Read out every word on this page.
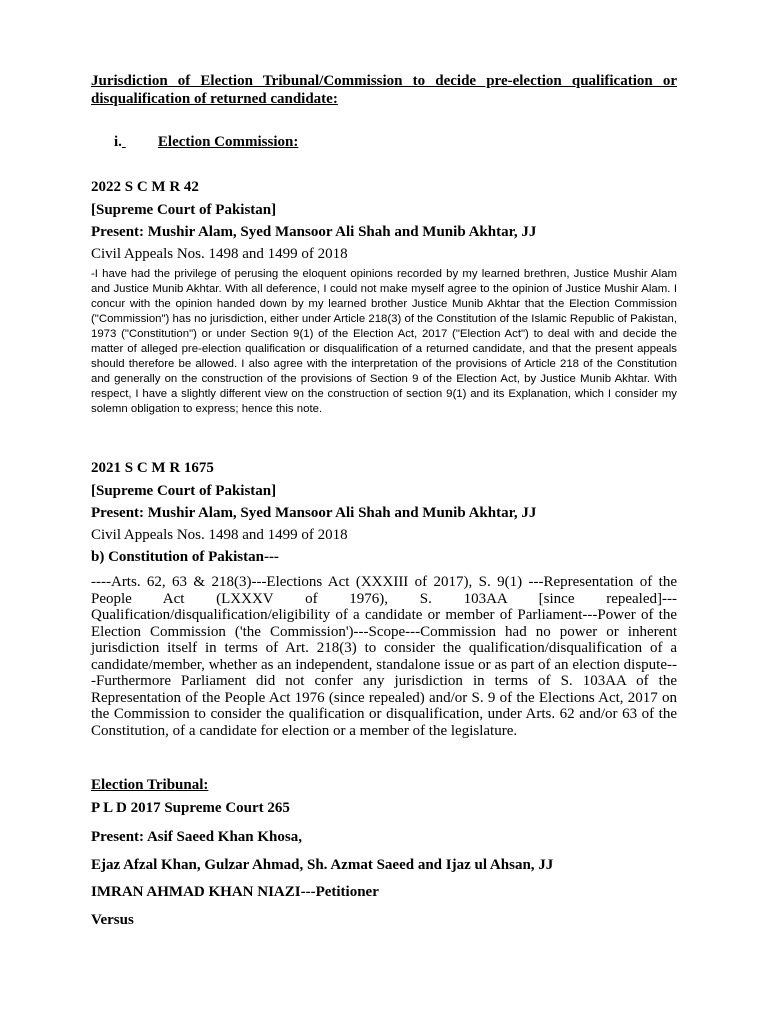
Jurisdiction of Election Tribunal/Commission to decide pre-election qualification or disqualification of returned candidate:

i. Election Commission:
2022 S C M R 42
[Supreme Court of Pakistan]
Present: Mushir Alam, Syed Mansoor Ali Shah and Munib Akhtar, JJ
Civil Appeals Nos. 1498 and 1499 of 2018

-I have had the privilege of perusing the eloquent opinions recorded by my learned brethren, Justice Mushir Alam and Justice Munib Akhtar. With all deference, I could not make myself agree to the opinion of Justice Mushir Alam. I concur with the opinion handed down by my learned brother Justice Munib Akhtar that the Election Commission ("Commission") has no jurisdiction, either under Article 218(3) of the Constitution of the Islamic Republic of Pakistan, 1973 ("Constitution") or under Section 9(1) of the Election Act, 2017 ("Election Act") to deal with and decide the matter of alleged pre-election qualification or disqualification of a returned candidate, and that the present appeals should therefore be allowed. I also agree with the interpretation of the provisions of Article 218 of the Constitution and generally on the construction of the provisions of Section 9 of the Election Act, by Justice Munib Akhtar. With respect, I have a slightly different view on the construction of section 9(1) and its Explanation, which I consider my solemn obligation to express; hence this note.

2021 S C M R 1675
[Supreme Court of Pakistan]
Present: Mushir Alam, Syed Mansoor Ali Shah and Munib Akhtar, JJ
Civil Appeals Nos. 1498 and 1499 of 2018
b) Constitution of Pakistan---

----Arts. 62, 63 & 218(3)---Elections Act (XXXIII of 2017), S. 9(1) ---Representation of the People Act (LXXXV of 1976), S. 103AA [since repealed]---Qualification/disqualification/eligibility of a candidate or member of Parliament---Power of the Election Commission ('the Commission')---Scope---Commission had no power or inherent jurisdiction itself in terms of Art. 218(3) to consider the qualification/disqualification of a candidate/member, whether as an independent, standalone issue or as part of an election dispute---Furthermore Parliament did not confer any jurisdiction in terms of S. 103AA of the Representation of the People Act 1976 (since repealed) and/or S. 9 of the Elections Act, 2017 on the Commission to consider the qualification or disqualification, under Arts. 62 and/or 63 of the Constitution, of a candidate for election or a member of the legislature.

Election Tribunal:
P L D 2017 Supreme Court 265
Present: Asif Saeed Khan Khosa,
Ejaz Afzal Khan, Gulzar Ahmad, Sh. Azmat Saeed and Ijaz ul Ahsan, JJ
IMRAN AHMAD KHAN NIAZI---Petitioner
Versus
